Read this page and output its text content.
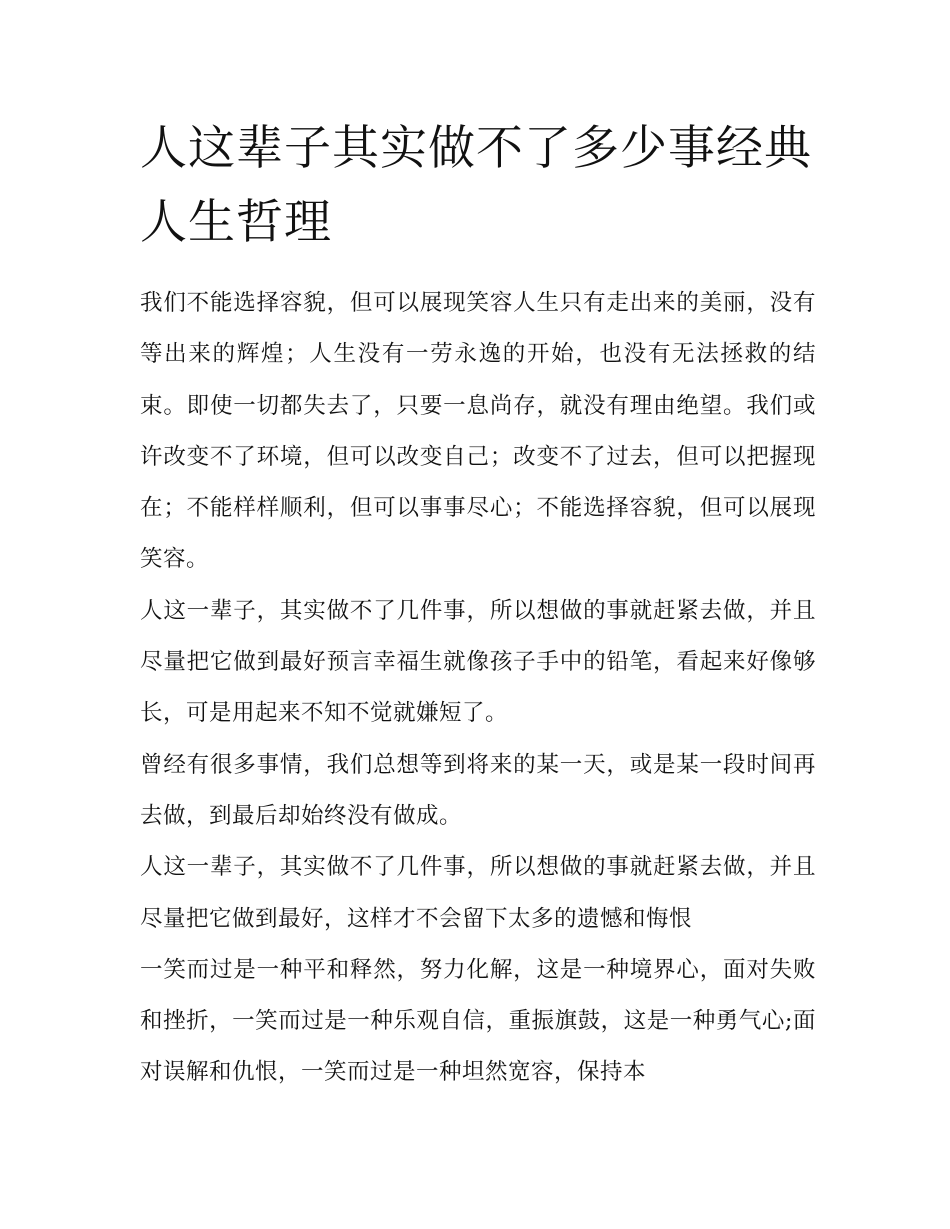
人这辈子其实做不了多少事经典人生哲理

我们不能选择容貌，但可以展现笑容人生只有走出来的美丽，没有等出来的辉煌；人生没有一劳永逸的开始，也没有无法拯救的结束。即使一切都失去了，只要一息尚存，就没有理由绝望。我们或许改变不了环境，但可以改变自己；改变不了过去，但可以把握现在；不能样样顺利，但可以事事尽心；不能选择容貌，但可以展现笑容。

人这一辈子，其实做不了几件事，所以想做的事就赶紧去做，并且尽量把它做到最好预言幸福生就像孩子手中的铅笔，看起来好像够长，可是用起来不知不觉就嫌短了。

曾经有很多事情，我们总想等到将来的某一天，或是某一段时间再去做，到最后却始终没有做成。

人这一辈子，其实做不了几件事，所以想做的事就赶紧去做，并且尽量把它做到最好，这样才不会留下太多的遗憾和悔恨

一笑而过是一种平和释然，努力化解，这是一种境界心，面对失败和挫折，一笑而过是一种乐观自信，重振旗鼓，这是一种勇气心;面对误解和仇恨，一笑而过是一种坦然宽容，保持本
